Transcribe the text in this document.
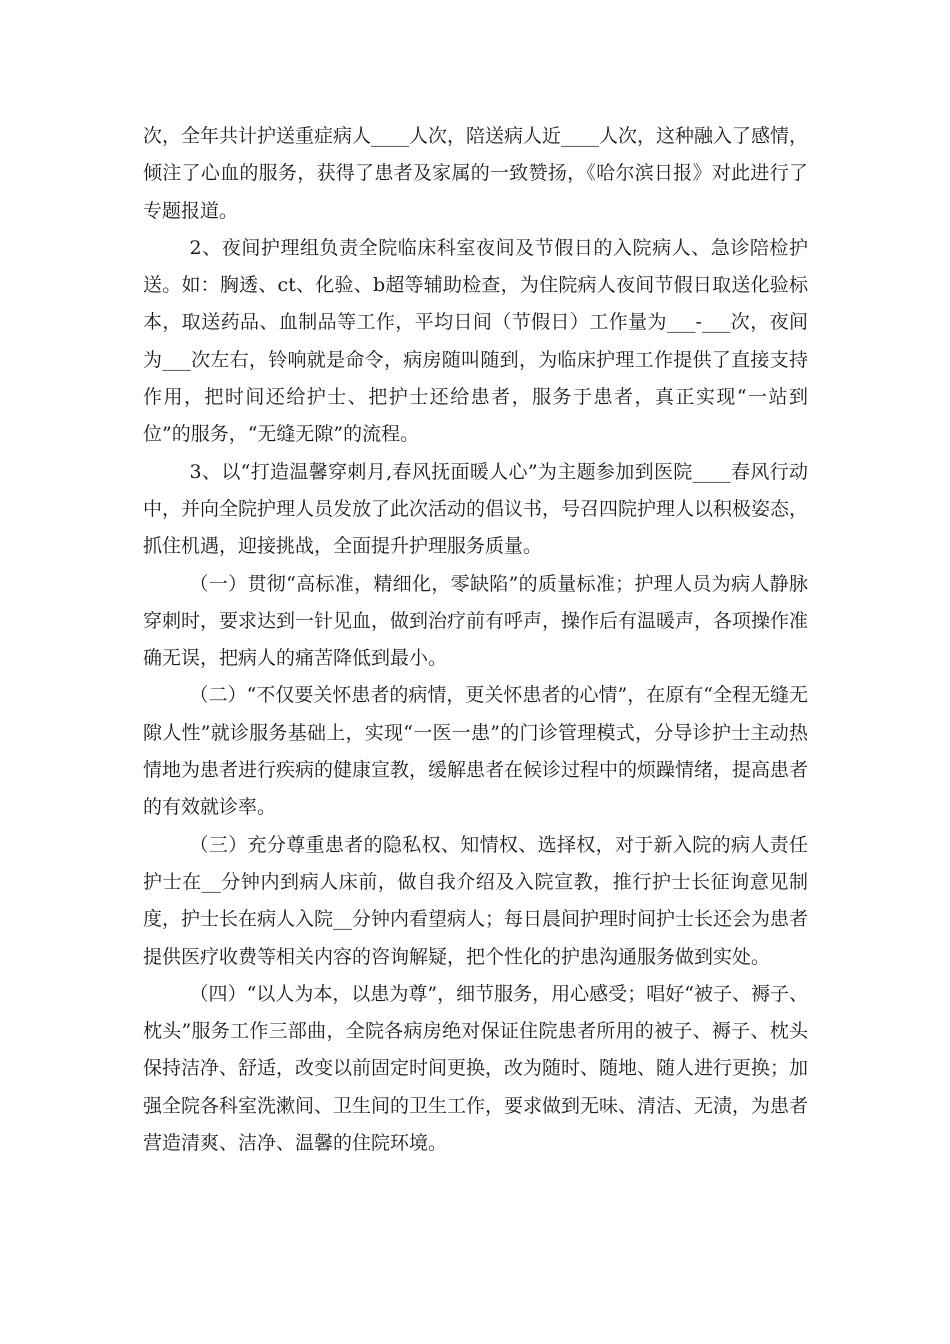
次，全年共计护送重症病人____人次，陪送病人近____人次，这种融入了感情，倾注了心血的服务，获得了患者及家属的一致赞扬，《哈尔滨日报》对此进行了专题报道。

2、夜间护理组负责全院临床科室夜间及节假日的入院病人、急诊陪检护送。如：胸透、ct、化验、b超等辅助检查，为住院病人夜间节假日取送化验标本，取送药品、血制品等工作，平均日间（节假日）工作量为___-___次，夜间为___次左右，铃响就是命令，病房随叫随到，为临床护理工作提供了直接支持作用，把时间还给护士、把护士还给患者，服务于患者，真正实现“一站到位”的服务，“无缝无隙”的流程。

3、以“打造温馨穿刺月,春风抚面暖人心”为主题参加到医院____春风行动中，并向全院护理人员发放了此次活动的倡议书，号召四院护理人以积极姿态，抓住机遇，迎接挑战，全面提升护理服务质量。

（一）贯彻“高标准，精细化，零缺陷”的质量标准；护理人员为病人静脉穿刺时，要求达到一针见血，做到治疗前有呼声，操作后有温暖声，各项操作准确无误，把病人的痛苦降低到最小。

（二）“不仅要关怀患者的病情，更关怀患者的心情”，在原有“全程无缝无隙人性”就诊服务基础上，实现“一医一患”的门诊管理模式，分导诊护士主动热情地为患者进行疾病的健康宣教，缓解患者在候诊过程中的烦躁情绪，提高患者的有效就诊率。

（三）充分尊重患者的隐私权、知情权、选择权，对于新入院的病人责任护士在__分钟内到病人床前，做自我介绍及入院宣教，推行护士长征询意见制度，护士长在病人入院__分钟内看望病人；每日晨间护理时间护士长还会为患者提供医疗收费等相关内容的咨询解疑，把个性化的护患沟通服务做到实处。

（四）“以人为本，以患为尊”，细节服务，用心感受；唱好“被子、褥子、枕头”服务工作三部曲，全院各病房绝对保证住院患者所用的被子、褥子、枕头保持洁净、舒适，改变以前固定时间更换，改为随时、随地、随人进行更换；加强全院各科室洗漱间、卫生间的卫生工作，要求做到无味、清洁、无渍，为患者营造清爽、洁净、温馨的住院环境。
